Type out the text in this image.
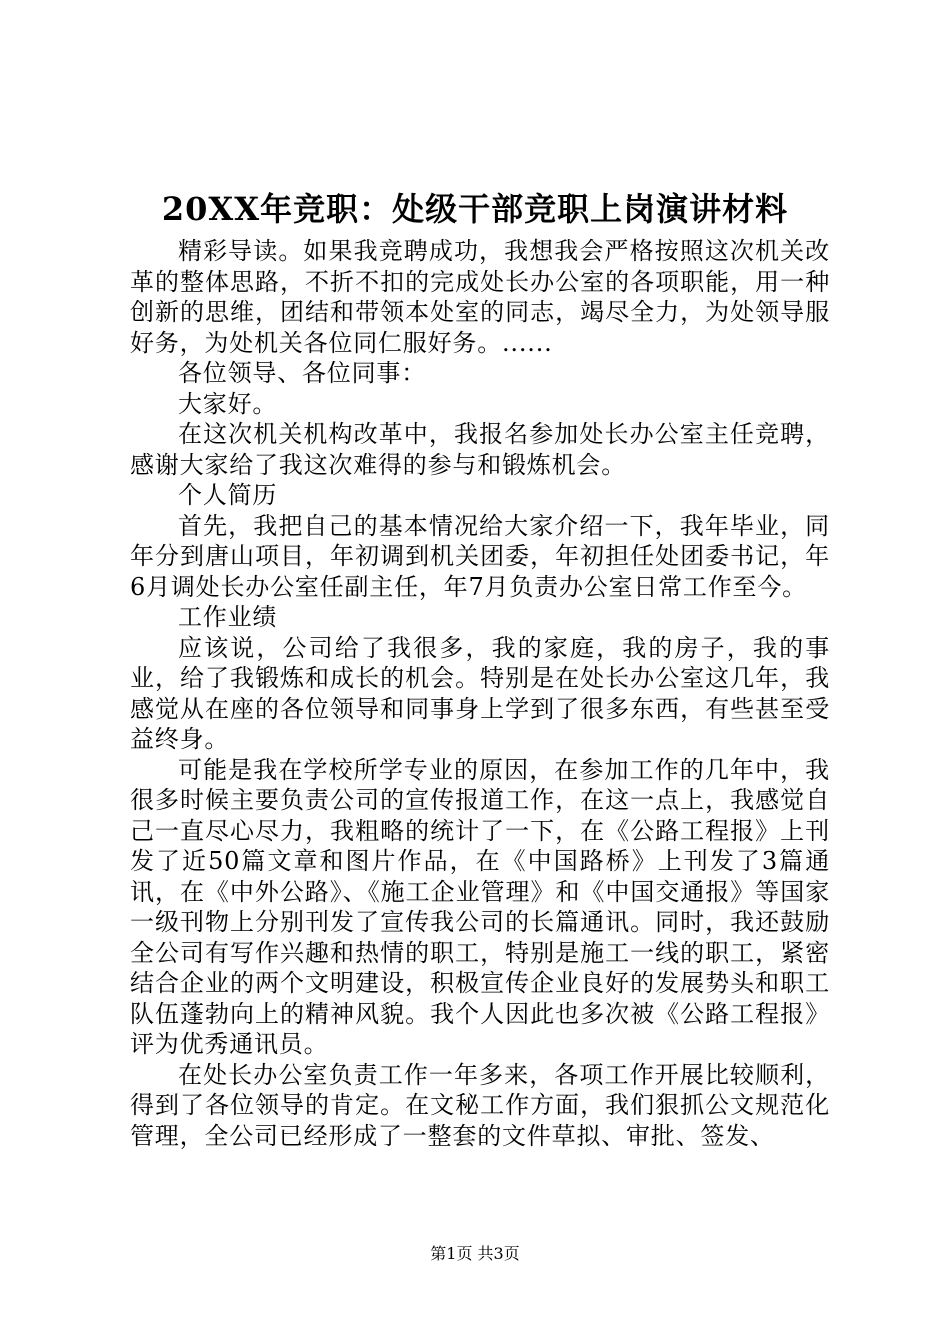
20XX年竞职：处级干部竞职上岗演讲材料

精彩导读。如果我竞聘成功，我想我会严格按照这次机关改革的整体思路，不折不扣的完成处长办公室的各项职能，用一种创新的思维，团结和带领本处室的同志，竭尽全力，为处领导服好务，为处机关各位同仁服好务。......

各位领导、各位同事：

大家好。

在这次机关机构改革中，我报名参加处长办公室主任竞聘，感谢大家给了我这次难得的参与和锻炼机会。

个人简历

首先，我把自己的基本情况给大家介绍一下，我年毕业，同年分到唐山项目，年初调到机关团委，年初担任处团委书记，年6月调处长办公室任副主任，年7月负责办公室日常工作至今。

工作业绩

应该说，公司给了我很多，我的家庭，我的房子，我的事业，给了我锻炼和成长的机会。特别是在处长办公室这几年，我感觉从在座的各位领导和同事身上学到了很多东西，有些甚至受益终身。

可能是我在学校所学专业的原因，在参加工作的几年中，我很多时候主要负责公司的宣传报道工作，在这一点上，我感觉自己一直尽心尽力，我粗略的统计了一下，在《公路工程报》上刊发了近50篇文章和图片作品，在《中国路桥》上刊发了3篇通讯，在《中外公路》、《施工企业管理》和《中国交通报》等国家一级刊物上分别刊发了宣传我公司的长篇通讯。同时，我还鼓励全公司有写作兴趣和热情的职工，特别是施工一线的职工，紧密结合企业的两个文明建设，积极宣传企业良好的发展势头和职工队伍蓬勃向上的精神风貌。我个人因此也多次被《公路工程报》评为优秀通讯员。

在处长办公室负责工作一年多来，各项工作开展比较顺利，得到了各位领导的肯定。在文秘工作方面，我们狠抓公文规范化管理，全公司已经形成了一整套的文件草拟、审批、签发、

第1页 共3页
